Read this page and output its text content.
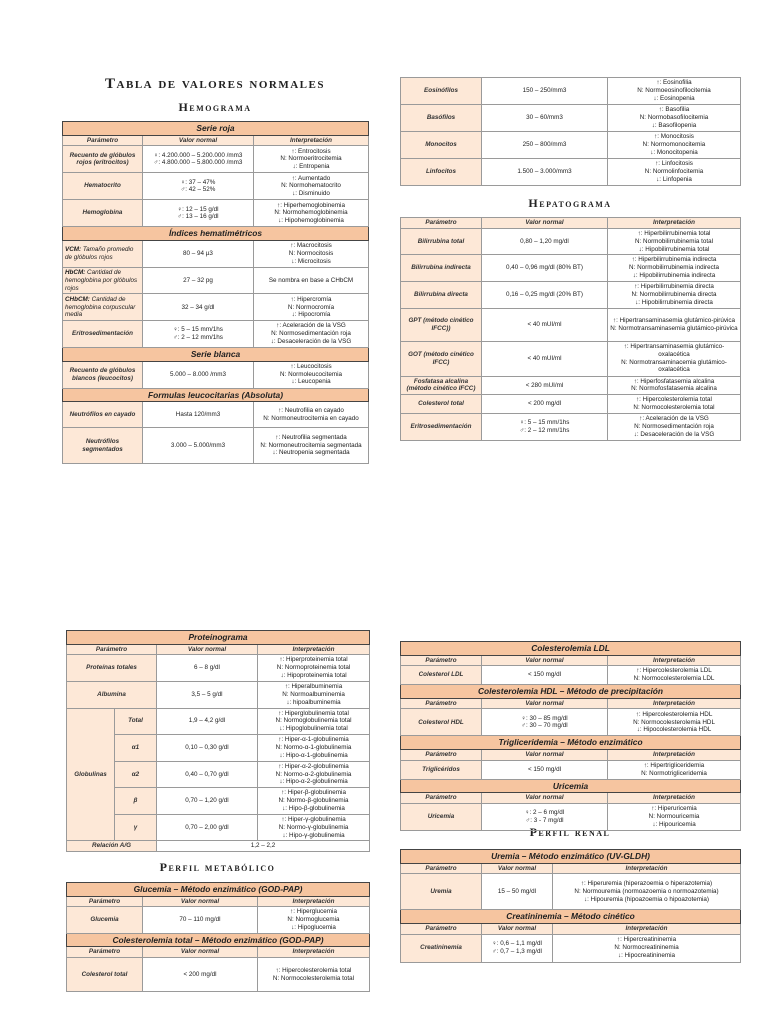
Tabla de valores normales
Hemograma
Hepatograma
Perfil metabólico
Perfil renal
Serie roja		
Parámetro	Valor normal	Interpretación
Recuento de glóbulos rojos (eritrocitos)	♀: 4.200.000 – 5.200.000 /mm3
♂: 4.800.000 – 5.800.000 /mm3	↑: Entrocitosis
N: Normoeritrocitemia
↓: Entropenia

Hematocrito	♀: 37 – 47%
♂: 42 – 52%	↑: Aumentado
N: Normohematocrito
↓: Disminuido

Hemoglobina	♀: 12 – 15 g/dl
♂: 13 – 16 g/dl	↑: Hiperhemoglobinemia
N: Normohemoglobinemia
↓: Hipohemoglobinemia

Índices hematimétricos		
VCM: Tamaño promedio de glóbulos rojos	80 – 94 µ3	↑: Macrocitosis
N: Normocitosis
↓: Microcitosis

HbCM: Cantidad de hemoglobina por glóbulos rojos	27 – 32 pg	Se nombra en base a CHbCM

CHbCM: Cantidad de hemoglobina corpuscular media	32 – 34 g/dl	↑: Hipercromía
N: Normocromía
↓: Hipocromía

Eritrosedimentación	♀: 5 – 15 mm/1hs
♂: 2 – 12 mm/1hs	↑: Aceleración de la VSG
N: Normosedimentación roja
↓: Desaceleración de la VSG

Serie blanca		
Recuento de glóbulos blancos (leucocitos)	5.000 – 8.000 /mm3	↑: Leucocitosis
N: Normoleucocitemia
↓: Leucopenia

Formulas leucocitarias (Absoluta)		
Neutrófilos en cayado	Hasta 120/mm3	↑: Neutrofilia en cayado
N: Normoneutrocitemia en cayado

Neutrófilos segmentados	3.000 – 5.000/mm3	↑: Neutrofilia segmentada
N: Normoneutrocitemia segmentada
↓: Neutropenia segmentada
Eosinófilos	150 – 250/mm3	↑: Eosinofilia
N: Normoeosinofilocitemia
↓: Eosinopenia

Basófilos	30 – 60/mm3	↑: Basofilia
N: Normobasofilocitemia
↓: Basofilopenia

Monocitos	250 – 800/mm3	↑: Monocitosis
N: Normomonocitemia
↓: Monocitopenia

Linfocitos	1.500 – 3.000/mm3	↑: Linfocitosis
N: Normolinfocitemia
↓: Linfopenia
Parámetro	Valor normal	Interpretación
Bilirrubina total	0,80 – 1,20 mg/dl	↑: Hiperbilirrubinemia total
N: Normobilirrubinemia total
↓: Hipobilirrubinemia total

Bilirrubina indirecta	0,40 – 0,96 mg/dl (80% BT)	↑: Hiperbilirrubinemia indirecta
N: Normobilirrubinemia indirecta
↓: Hipobilirrubinemia indirecta

Bilirrubina directa	0,16 – 0,25 mg/dl (20% BT)	↑: Hiperbilirrubinemia directa
N: Normobilirrubinemia directa
↓: Hipobilirrubinemia directa

GPT (método cinético IFCC))	< 40 mUI/ml	↑: Hipertransaminasemia glutámico-pirúvica
N: Normotransaminasemia glutámico-pirúvica

GOT (método cinético IFCC)	< 40 mUI/ml	↑: Hipertransaminasemia glutámico- oxalacética
N: Normotransaminacemia glutámico-oxalacética

Fosfatasa alcalina (método cinético IFCC)	< 280 mUI/ml	↑: Hiperfosfatasemia alcalina
N: Normofosfatasemia alcalina

Colesterol total	< 200 mg/dl	↑: Hipercolesterolemia total
N: Normocolesterolemia total

Eritrosedimentación	♀: 5 – 15 mm/1hs
♂: 2 – 12 mm/1hs	↑: Aceleración de la VSG
N: Normosedimentación roja
↓: Desaceleración de la VSG
Proteinograma			
Parámetro		Valor normal	Interpretación
Proteínas totales		6 – 8 g/dl	↑: Hiperproteinemia total
N: Normoproteinemia total
↓: Hipoproteinemia total

Albumina		3,5 – 5 g/dl	↑: Hiperalbuminemia
N: Normoalbuminemia
↓: hipoalbuminemia

Globulinas	Total	1,9 – 4,2 g/dl	↑: Hiperglobulinemia total
N: Normoglobulinemia total
↓: Hipoglobulinemia total

	α1	0,10 – 0,30 g/dl	↑: Hiper-α-1-globulinemia
N: Normo-α-1-globulinemia
↓: Hipo-α-1-globulinemia

	α2	0,40 – 0,70 g/dl	↑: Hiper-α-2-globulinemia
N: Normo-α-2-globulinemia
↓: Hipo-α-2-globulinemia

	β	0,70 – 1,20 g/dl	↑: Hiper-β-globulinemia
N: Normo-β-globulinemia
↓: Hipo-β-globulinemia

	γ	0,70 – 2,00 g/dl	↑: Hiper-γ-globulinemia
N: Normo-γ-globulinemia
↓: Hipo-γ-globulinemia

Relación A/G		1,2 – 2,2	
Glucemia – Método enzimático (GOD-PAP)		
Parámetro	Valor normal	Interpretación
Glucemia	70 – 110 mg/dl	↑: Hiperglucemia
N: Normoglucemia
↓: Hipoglucemia

Colesterolemia total – Método enzimático (GOD-PAP)		
Parámetro	Valor normal	Interpretación
Colesterol total	< 200 mg/dl	↑: Hipercolesterolemia total
N: Normocolesterolemia total
Colesterolemia LDL		
Parámetro	Valor normal	Interpretación
Colesterol LDL	< 150 mg/dl	↑: Hipercolesterolemia LDL
N: Normocolesterolemia LDL

Colesterolemia HDL – Método de precipitación		
Parámetro	Valor normal	Interpretación
Colesterol HDL	♀: 30 – 85 mg/dl
♂: 30 – 70 mg/dl	↑: Hipercolesterolemia HDL
N: Normocolesterolemia HDL
↓: Hipocolesterolemia HDL

Trigliceridemia – Método enzimático		
Parámetro	Valor normal	Interpretación
Triglicéridos	< 150 mg/dl	↑: Hipertrigliceridemia
N: Normotrigliceridemia

Uricemia		
Parámetro	Valor normal	Interpretación
Uricemia	♀: 2 – 6 mg/dl
♂: 3 - 7 mg/dl	↑: Hiperuricemia
N: Normouricemia
↓: Hipouricemia
Uremia – Método enzimático (UV-GLDH)		
Parámetro	Valor normal	Interpretación
Uremia	15 – 50 mg/dl	↑: Hiperuremia (hiperazoemia o hiperazotemia)
N: Normouremia (normoazoemia o normoazotemia)
↓: Hipouremia (hipoazoemia o hipoazotemia)

Creatininemia – Método cinético		
Parámetro	Valor normal	Interpretación
Creatininemia	♀: 0,6 – 1,1 mg/dl
♂: 0,7 – 1,3 mg/dl	↑: Hipercreatininemia
N: Normocreatininemia
↓: Hipocreatininemia
